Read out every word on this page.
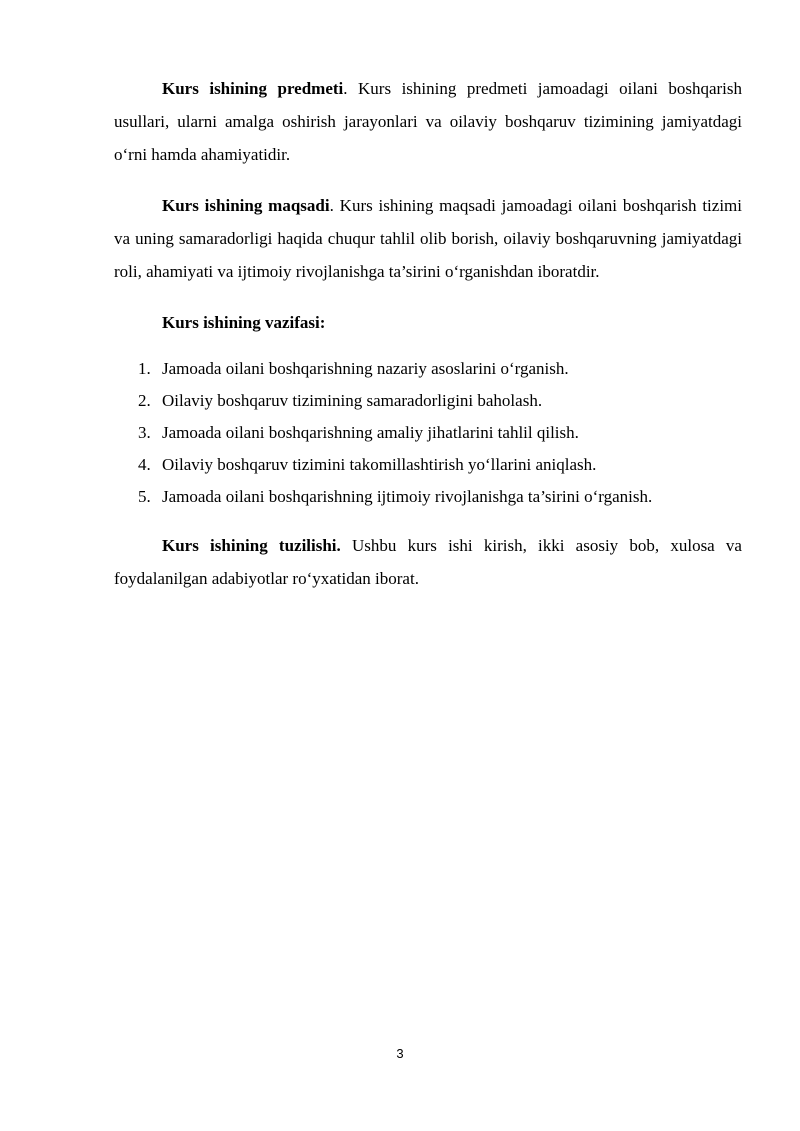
Kurs ishining predmeti. Kurs ishining predmeti jamoadagi oilani boshqarish usullari, ularni amalga oshirish jarayonlari va oilaviy boshqaruv tizimining jamiyatdagi o‘rni hamda ahamiyatidir.

Kurs ishining maqsadi. Kurs ishining maqsadi jamoadagi oilani boshqarish tizimi va uning samaradorligi haqida chuqur tahlil olib borish, oilaviy boshqaruvning jamiyatdagi roli, ahamiyati va ijtimoiy rivojlanishga ta’sirini o‘rganishdan iboratdir.

Kurs ishining vazifasi:

1. Jamoada oilani boshqarishning nazariy asoslarini o‘rganish.
2. Oilaviy boshqaruv tizimining samaradorligini baholash.
3. Jamoada oilani boshqarishning amaliy jihatlarini tahlil qilish.
4. Oilaviy boshqaruv tizimini takomillashtirish yo‘llarini aniqlash.
5. Jamoada oilani boshqarishning ijtimoiy rivojlanishga ta’sirini o‘rganish.

Kurs ishining tuzilishi. Ushbu kurs ishi kirish, ikki asosiy bob, xulosa va foydalanilgan adabiyotlar ro‘yxatidan iborat.

3
